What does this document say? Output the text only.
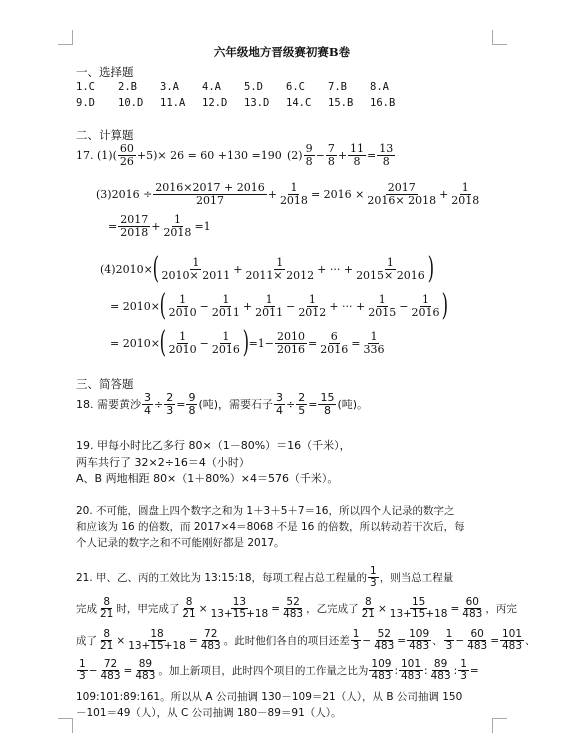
六年级地方晋级赛初赛B卷
一、选择题
1.C 2.B 3.A 4.A 5.D 6.C 7.B 8.A
9.D 10.D 11.A 12.D 13.D 14.C 15.B 16.B
二、计算题
17. $(1)( \frac{60}{26} +5)\times 26 = 60 +130 =190$ $(2) \frac{9}{8} - \frac{7}{8} + \frac{11}{8} = \frac{13}{8}$
$(3)2016 \div \frac{2016\times 2017 + 2016}{2017} + \frac{1}{2018} = 2016 \times \frac{2017}{2016\times 2018} + \frac{1}{2018}$
= $\frac{2017}{2018} + \frac{1}{2018} =1$
(4)2010× ( $\frac{1}{2010\times 2011} + \frac{1}{2011\times 2012}$ + ··· + $\frac{1}{2015\times 2016}$ )
= 2010× ( $\frac{1}{2010} - \frac{1}{2011} + \frac{1}{2011} - \frac{1}{2012}$ + ··· + $\frac{1}{2015} - \frac{1}{2016}$ )
= 2010× ( $\frac{1}{2010} - \frac{1}{2016}$ ) $=1- \frac{2010}{2016} = \frac{6}{2016} = \frac{1}{336}$
三、简答题
18. 需要黄沙 $\frac{3}{4} \div \frac{2}{3} = \frac{9}{8}$ (吨)，需要石子 $\frac{3}{4} \div \frac{2}{5} = \frac{15}{8}$ (吨)。
19. 甲每小时比乙多行 80×（1－80%）＝16（千米），
两车共行了 32×2÷16＝4（小时）
A、B 两地相距 80×（1＋80%）×4＝576（千米）。
20. 不可能，圆盘上四个数字之和为 1＋3＋5＋7＝16，所以四个人记录的数字之
和应该为 16 的倍数，而 2017×4＝8068 不是 16 的倍数，所以转动若干次后，每
个人记录的数字之和不可能刚好都是 2017。
21. 甲、乙、丙的工效比为 13:15:18，每项工程占总工程量的 $\frac{1}{3}$ ，则当总工程量
完成 $\frac{8}{21}$ 时，甲完成了 $\frac{8}{21} \times \frac{13}{13+15+18} = \frac{52}{483}$ ，乙完成了 $\frac{8}{21} \times \frac{15}{13+15+18} = \frac{60}{483}$ ，丙完
成了 $\frac{8}{21} \times \frac{18}{13+15+18} = \frac{72}{483}$ 。此时他们各自的项目还差 $\frac{1}{3} - \frac{52}{483} = \frac{109}{483}$ 、 $\frac{1}{3} - \frac{60}{483} = \frac{101}{483}$ 、
$\frac{1}{3} - \frac{72}{483} = \frac{89}{483}$ 。加上新项目，此时四个项目的工作量之比为 $\frac{109}{483}$ : $\frac{101}{483}$ : $\frac{89}{483}$ : $\frac{1}{3}$ =
109:101:89:161。所以从 A 公司抽调 130－109＝21（人），从 B 公司抽调 150
－101＝49（人），从 C 公司抽调 180－89＝91（人）。
